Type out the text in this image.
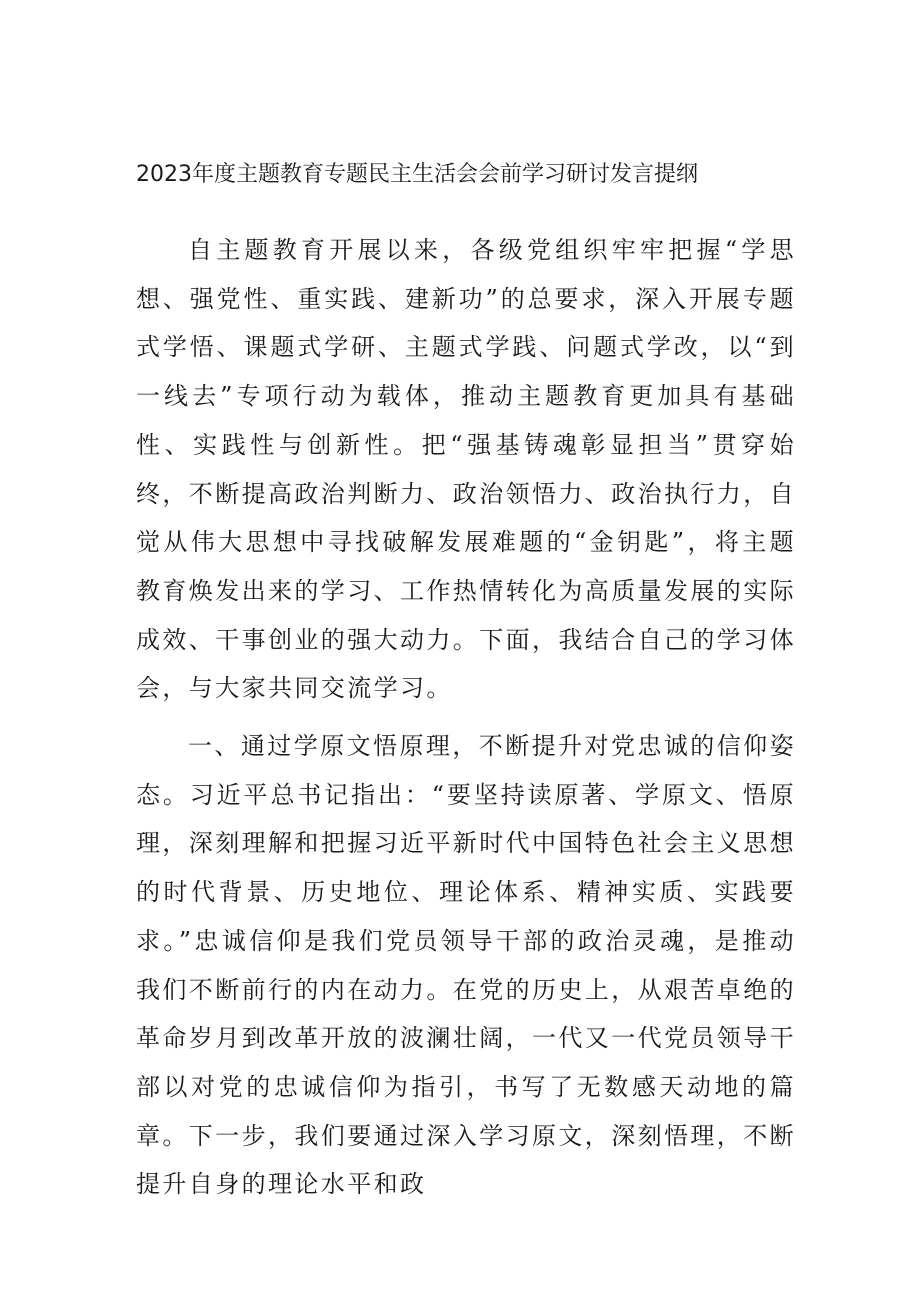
2023年度主题教育专题民主生活会会前学习研讨发言提纲

自主题教育开展以来，各级党组织牢牢把握“学思想、强党性、重实践、建新功”的总要求，深入开展专题式学悟、课题式学研、主题式学践、问题式学改，以“到一线去”专项行动为载体，推动主题教育更加具有基础性、实践性与创新性。把“强基铸魂彰显担当”贯穿始终，不断提高政治判断力、政治领悟力、政治执行力，自觉从伟大思想中寻找破解发展难题的“金钥匙”，将主题教育焕发出来的学习、工作热情转化为高质量发展的实际成效、干事创业的强大动力。下面，我结合自己的学习体会，与大家共同交流学习。

一、通过学原文悟原理，不断提升对党忠诚的信仰姿态。习近平总书记指出：“要坚持读原著、学原文、悟原理，深刻理解和把握习近平新时代中国特色社会主义思想的时代背景、历史地位、理论体系、精神实质、实践要求。”忠诚信仰是我们党员领导干部的政治灵魂，是推动我们不断前行的内在动力。在党的历史上，从艰苦卓绝的革命岁月到改革开放的波澜壮阔，一代又一代党员领导干部以对党的忠诚信仰为指引，书写了无数感天动地的篇章。下一步，我们要通过深入学习原文，深刻悟理，不断提升自身的理论水平和政
